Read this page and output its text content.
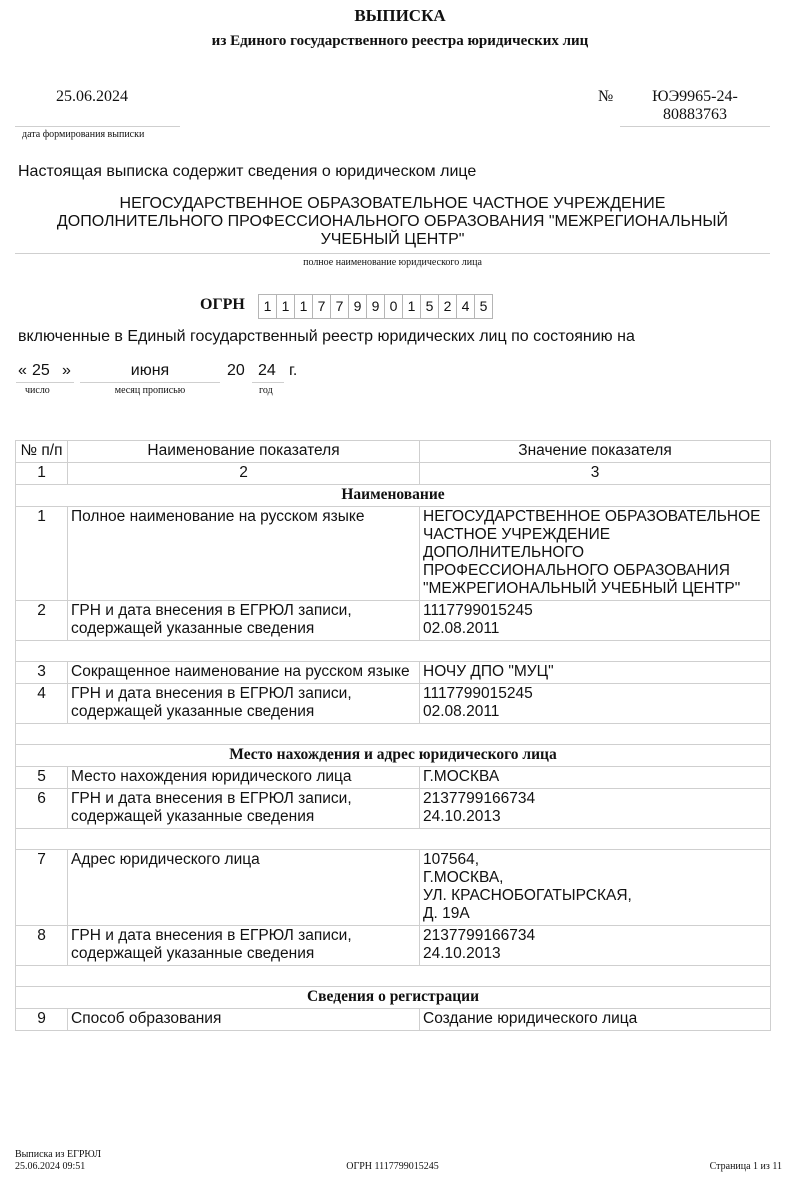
ВЫПИСКА
из Единого государственного реестра юридических лиц
25.06.2024
дата формирования выписки
№	ЮЭ9965-24-
80883763
Настоящая выписка содержит сведения о юридическом лице
НЕГОСУДАРСТВЕННОЕ ОБРАЗОВАТЕЛЬНОЕ ЧАСТНОЕ УЧРЕЖДЕНИЕ
ДОПОЛНИТЕЛЬНОГО ПРОФЕССИОНАЛЬНОГО ОБРАЗОВАНИЯ "МЕЖРЕГИОНАЛЬНЫЙ
УЧЕБНЫЙ ЦЕНТР"
полное наименование юридического лица
ОГРН	1 1 1 7 7 9 9 0 1 5 2 4 5
включенные в Единый государственный реестр юридических лиц по состоянию на
« 25 »
число
июня
месяц прописью
20 24
год
г.
№ п/п	Наименование показателя	Значение показателя
1	2	3
Наименование		
1	Полное наименование на русском языке	НЕГОСУДАРСТВЕННОЕ ОБРАЗОВАТЕЛЬНОЕ ЧАСТНОЕ УЧРЕЖДЕНИЕ ДОПОЛНИТЕЛЬНОГО ПРОФЕССИОНАЛЬНОГО ОБРАЗОВАНИЯ "МЕЖРЕГИОНАЛЬНЫЙ УЧЕБНЫЙ ЦЕНТР"
2	ГРН и дата внесения в ЕГРЮЛ записи, содержащей указанные сведения	1117799015245
02.08.2011

3	Сокращенное наименование на русском языке	НОЧУ ДПО "МУЦ"
4	ГРН и дата внесения в ЕГРЮЛ записи, содержащей указанные сведения	1117799015245
02.08.2011

Место нахождения и адрес юридического лица		
5	Место нахождения юридического лица	Г.МОСКВА
6	ГРН и дата внесения в ЕГРЮЛ записи, содержащей указанные сведения	2137799166734
24.10.2013

7	Адрес юридического лица	107564,
Г.МОСКВА,
УЛ. КРАСНОБОГАТЫРСКАЯ,
Д. 19А

8	ГРН и дата внесения в ЕГРЮЛ записи, содержащей указанные сведения	2137799166734
24.10.2013

Сведения о регистрации		
9	Способ образования	Создание юридического лица
Выписка из ЕГРЮЛ
25.06.2024 09:51	ОГРН 1117799015245	Страница 1 из 11
